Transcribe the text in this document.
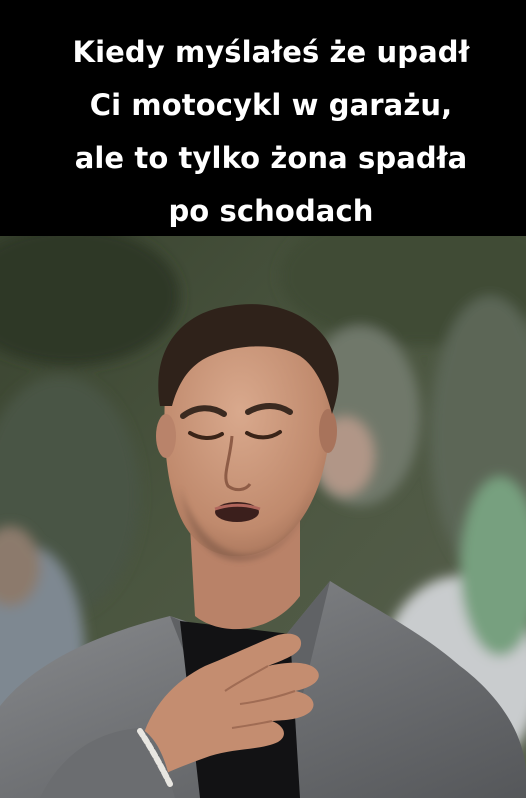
Kiedy myślałeś że upadł
Ci motocykl w garażu,
ale to tylko żona spadła
po schodach
